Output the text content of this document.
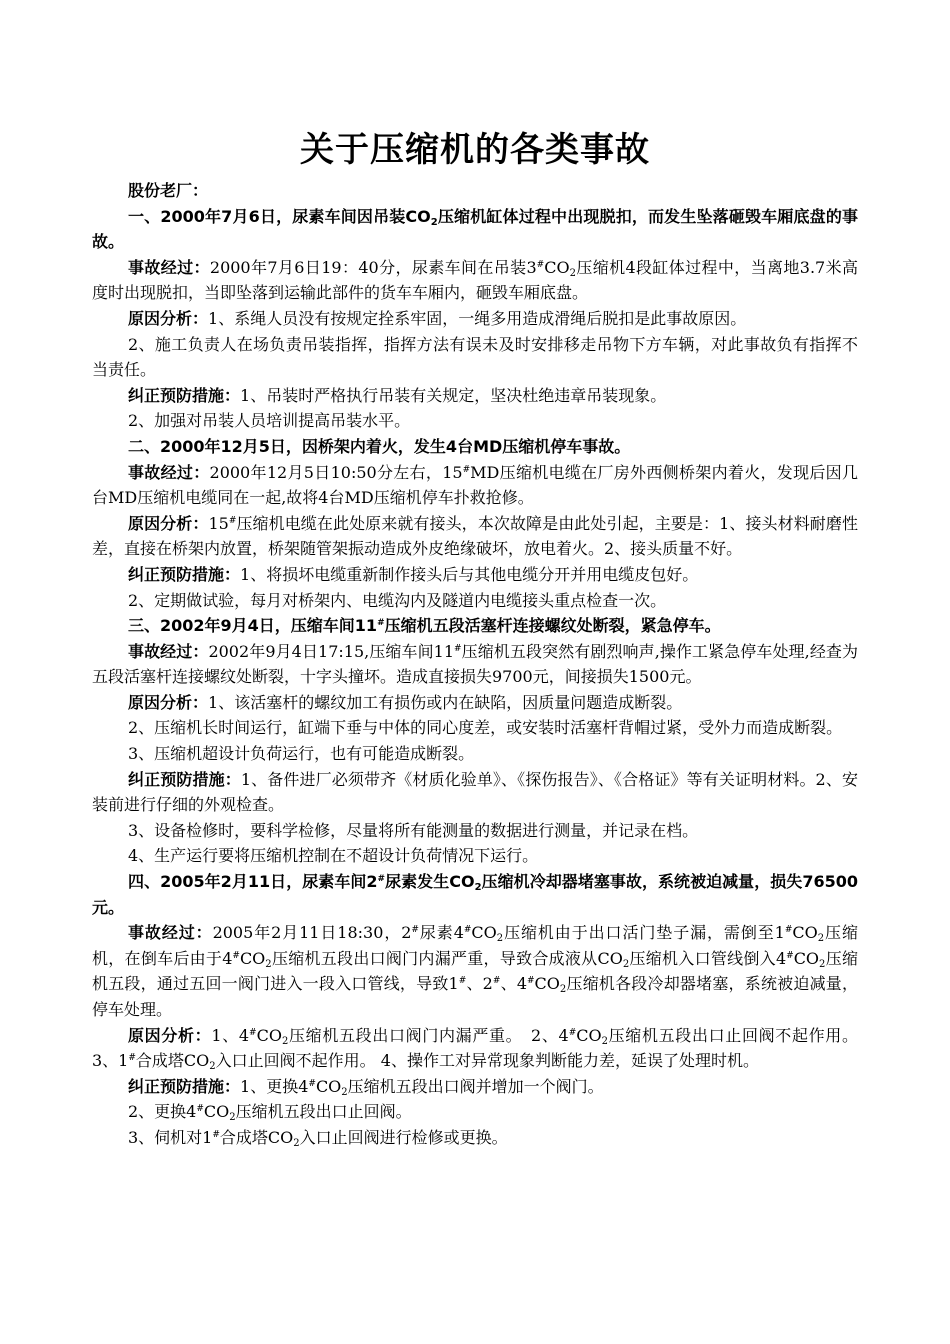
关于压缩机的各类事故

股份老厂：

一、2000年7月6日，尿素车间因吊装$CO_2$压缩机缸体过程中出现脱扣，而发生坠落砸毁车厢底盘的事故。

事故经过：2000年7月6日19：40分，尿素车间在吊装$3^{\#}CO_2$压缩机4段缸体过程中，当离地3.7米高度时出现脱扣，当即坠落到运输此部件的货车车厢内，砸毁车厢底盘。

原因分析：1、系绳人员没有按规定拴系牢固，一绳多用造成滑绳后脱扣是此事故原因。

2、施工负责人在场负责吊装指挥，指挥方法有误未及时安排移走吊物下方车辆，对此事故负有指挥不当责任。

纠正预防措施：1、吊装时严格执行吊装有关规定，坚决杜绝违章吊装现象。

2、加强对吊装人员培训提高吊装水平。

二、2000年12月5日，因桥架内着火，发生4台MD压缩机停车事故。

事故经过：2000年12月5日10:50分左右，15#MD压缩机电缆在厂房外西侧桥架内着火，发现后因几台MD压缩机电缆同在一起,故将4台MD压缩机停车扑救抢修。

原因分析：15#压缩机电缆在此处原来就有接头，本次故障是由此处引起，主要是：1、接头材料耐磨性差，直接在桥架内放置，桥架随管架振动造成外皮绝缘破坏，放电着火。2、接头质量不好。

纠正预防措施：1、将损坏电缆重新制作接头后与其他电缆分开并用电缆皮包好。

2、定期做试验，每月对桥架内、电缆沟内及隧道内电缆接头重点检查一次。

三、2002年9月4日，压缩车间11#压缩机五段活塞杆连接螺纹处断裂，紧急停车。

事故经过：2002年9月4日17:15,压缩车间11#压缩机五段突然有剧烈响声,操作工紧急停车处理,经查为五段活塞杆连接螺纹处断裂，十字头撞坏。造成直接损失9700元，间接损失1500元。

原因分析：1、该活塞杆的螺纹加工有损伤或内在缺陷，因质量问题造成断裂。

2、压缩机长时间运行，缸端下垂与中体的同心度差，或安装时活塞杆背帽过紧，受外力而造成断裂。

3、压缩机超设计负荷运行，也有可能造成断裂。

纠正预防措施：1、备件进厂必须带齐《材质化验单》、《探伤报告》、《合格证》等有关证明材料。2、安装前进行仔细的外观检查。

3、设备检修时，要科学检修，尽量将所有能测量的数据进行测量，并记录在档。

4、生产运行要将压缩机控制在不超设计负荷情况下运行。

四、2005年2月11日，尿素车间2#尿素发生$CO_2$压缩机冷却器堵塞事故，系统被迫减量，损失76500元。

事故经过：2005年2月11日18:30，2#尿素$4^{\#}CO_2$压缩机由于出口活门垫子漏，需倒至$1^{\#}CO_2$压缩机，在倒车后由于$4^{\#}CO_2$压缩机五段出口阀门内漏严重，导致合成液从$CO_2$压缩机入口管线倒入$4^{\#}CO_2$压缩机五段，通过五回一阀门进入一段入口管线，导致1#、2#、$4^{\#}CO_2$压缩机各段冷却器堵塞，系统被迫减量，停车处理。

原因分析：1、$4^{\#}CO_2$压缩机五段出口阀门内漏严重。　2、$4^{\#}CO_2$压缩机五段出口止回阀不起作用。 3、1#合成塔$CO_2$入口止回阀不起作用。 4、操作工对异常现象判断能力差，延误了处理时机。

纠正预防措施：1、更换$4^{\#}CO_2$压缩机五段出口阀并增加一个阀门。

2、更换$4^{\#}CO_2$压缩机五段出口止回阀。

3、伺机对1#合成塔$CO_2$入口止回阀进行检修或更换。
